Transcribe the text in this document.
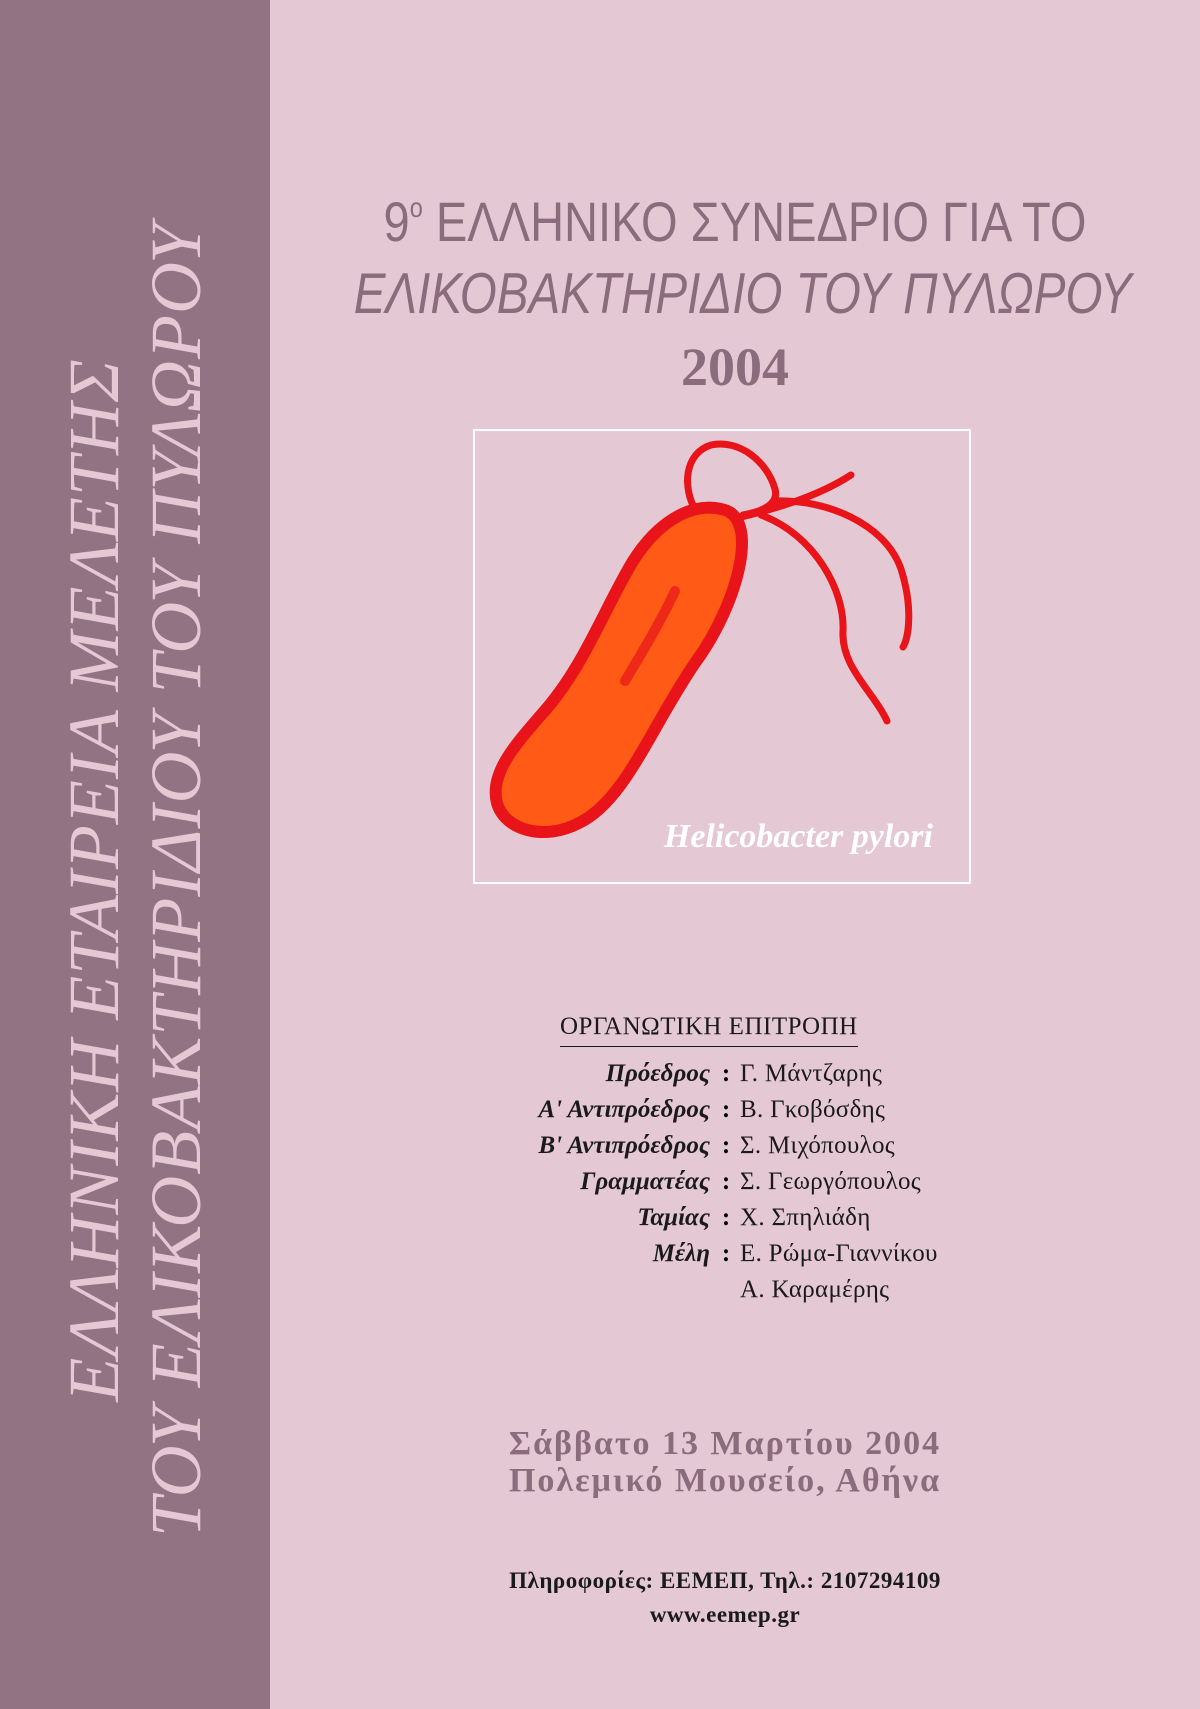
ΕΛΛΗΝΙΚΗ ΕΤΑΙΡΕΙΑ ΜΕΛΕΤΗΣ ΤΟΥ ΕΛΙΚΟΒΑΚΤΗΡΙΔΙΟΥ ΤΟΥ ΠΥΛΩΡΟΥ
$9^o$ ΕΛΛΗΝΙΚΟ ΣΥΝΕΔΡΙΟ ΓΙΑ ΤΟ
ΕΛΙΚΟΒΑΚΤΗΡΙΔΙΟ ΤΟΥ ΠΥΛΩΡΟΥ
2004
Helicobacter pylori
ΟΡΓΑΝΩΤΙΚΗ ΕΠΙΤΡΟΠΗ
Πρόεδρος : Γ. Μάντζαρης
Α' Αντιπρόεδρος : Β. Γκοβόσδης
Β' Αντιπρόεδρος : Σ. Μιχόπουλος
Γραμματέας : Σ. Γεωργόπουλος
Ταμίας : Χ. Σπηλιάδη
Μέλη : Ε. Ρώμα-Γιαννίκου
Α. Καραμέρης
Σάββατο 13 Μαρτίου 2004
Πολεμικό Μουσείο, Αθήνα
Πληροφορίες: ΕΕΜΕΠ, Τηλ.: 2107294109
www.eemep.gr
